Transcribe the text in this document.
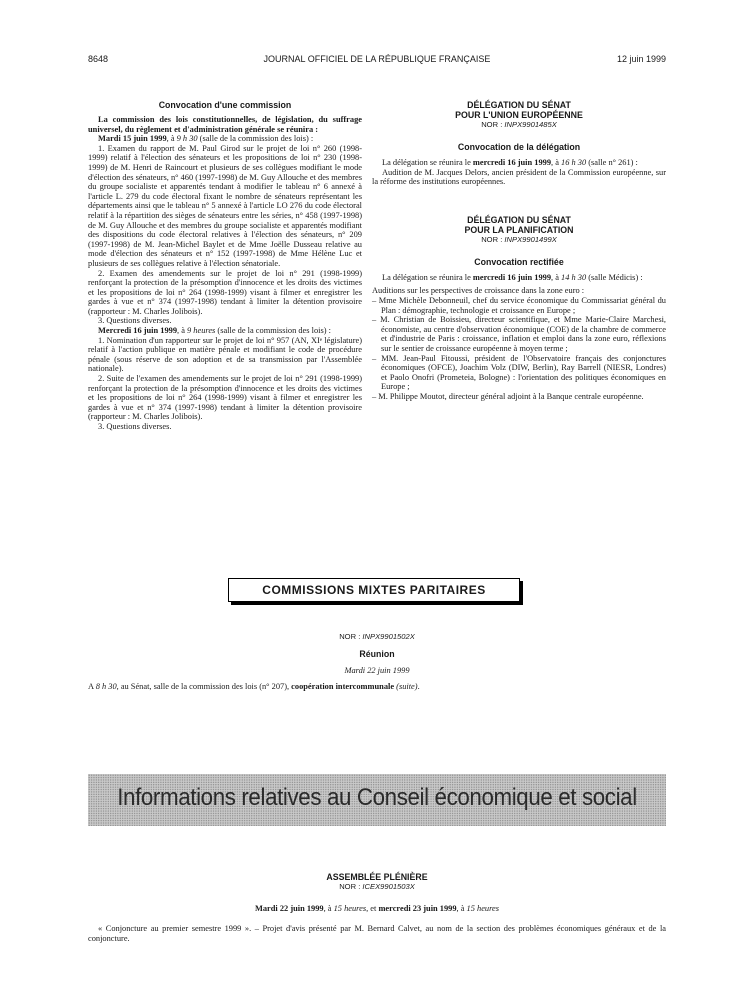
8648	JOURNAL OFFICIEL DE LA RÉPUBLIQUE FRANÇAISE	12 juin 1999
Convocation d'une commission

La commission des lois constitutionnelles, de législation, du suffrage universel, du règlement et d'administration générale se réunira :

Mardi 15 juin 1999, à 9 h 30 (salle de la commission des lois) :

1. Examen du rapport de M. Paul Girod sur le projet de loi n° 260 (1998-1999) relatif à l'élection des sénateurs et les propositions de loi n° 230 (1998-1999) de M. Henri de Raincourt et plusieurs de ses collègues modifiant le mode d'élection des sénateurs, n° 460 (1997-1998) de M. Guy Allouche et des membres du groupe socialiste et apparentés tendant à modifier le tableau n° 6 annexé à l'article L. 279 du code électoral fixant le nombre de sénateurs représentant les départements ainsi que le tableau n° 5 annexé à l'article LO 276 du code électoral relatif à la répartition des sièges de sénateurs entre les séries, n° 458 (1997-1998) de M. Guy Allouche et des membres du groupe socialiste et apparentés modifiant des dispositions du code électoral relatives à l'élection des sénateurs, n° 209 (1997-1998) de M. Jean-Michel Baylet et de Mme Joëlle Dusseau relative au mode d'élection des sénateurs et n° 152 (1997-1998) de Mme Hélène Luc et plusieurs de ses collègues relative à l'élection sénatoriale.

2. Examen des amendements sur le projet de loi n° 291 (1998-1999) renforçant la protection de la présomption d'innocence et les droits des victimes et les propositions de loi n° 264 (1998-1999) visant à filmer et enregistrer les gardes à vue et n° 374 (1997-1998) tendant à limiter la détention provisoire (rapporteur : M. Charles Jolibois).

3. Questions diverses.

Mercredi 16 juin 1999, à 9 heures (salle de la commission des lois) :

1. Nomination d'un rapporteur sur le projet de loi n° 957 (AN, XIᵉ législature) relatif à l'action publique en matière pénale et modifiant le code de procédure pénale (sous réserve de son adoption et de sa transmission par l'Assemblée nationale).

2. Suite de l'examen des amendements sur le projet de loi n° 291 (1998-1999) renforçant la protection de la présomption d'innocence et les droits des victimes et les propositions de loi n° 264 (1998-1999) visant à filmer et enregistrer les gardes à vue et n° 374 (1997-1998) tendant à limiter la détention provisoire (rapporteur : M. Charles Jolibois).

3. Questions diverses.

DÉLÉGATION DU SÉNAT
POUR L'UNION EUROPÉENNE
NOR : INPX9901485X
Convocation de la délégation

La délégation se réunira le mercredi 16 juin 1999, à 16 h 30 (salle n° 261) :

Audition de M. Jacques Delors, ancien président de la Commission européenne, sur la réforme des institutions européennes.

DÉLÉGATION DU SÉNAT
POUR LA PLANIFICATION
NOR : INPX9901499X
Convocation rectifiée

La délégation se réunira le mercredi 16 juin 1999, à 14 h 30 (salle Médicis) :

Auditions sur les perspectives de croissance dans la zone euro :

– Mme Michèle Debonneuil, chef du service économique du Commissariat général du Plan : démographie, technologie et croissance en Europe ;

– M. Christian de Boissieu, directeur scientifique, et Mme Marie-Claire Marchesi, économiste, au centre d'observation économique (COE) de la chambre de commerce et d'industrie de Paris : croissance, inflation et emploi dans la zone euro, réflexions sur le sentier de croissance européenne à moyen terme ;

– MM. Jean-Paul Fitoussi, président de l'Observatoire français des conjonctures économiques (OFCE), Joachim Volz (DIW, Berlin), Ray Barrell (NIESR, Londres) et Paolo Onofri (Prometeia, Bologne) : l'orientation des politiques économiques en Europe ;

– M. Philippe Moutot, directeur général adjoint à la Banque centrale européenne.

COMMISSIONS MIXTES PARITAIRES
NOR : INPX9901502X
Réunion
Mardi 22 juin 1999
A 8 h 30, au Sénat, salle de la commission des lois (n° 207), coopération intercommunale (suite).
Informations relatives au Conseil économique et social
ASSEMBLÉE PLÉNIÈRE
NOR : ICEX9901503X
Mardi 22 juin 1999, à 15 heures, et mercredi 23 juin 1999, à 15 heures
« Conjoncture au premier semestre 1999 ». – Projet d'avis présenté par M. Bernard Calvet, au nom de la section des problèmes économiques généraux et de la conjoncture.
